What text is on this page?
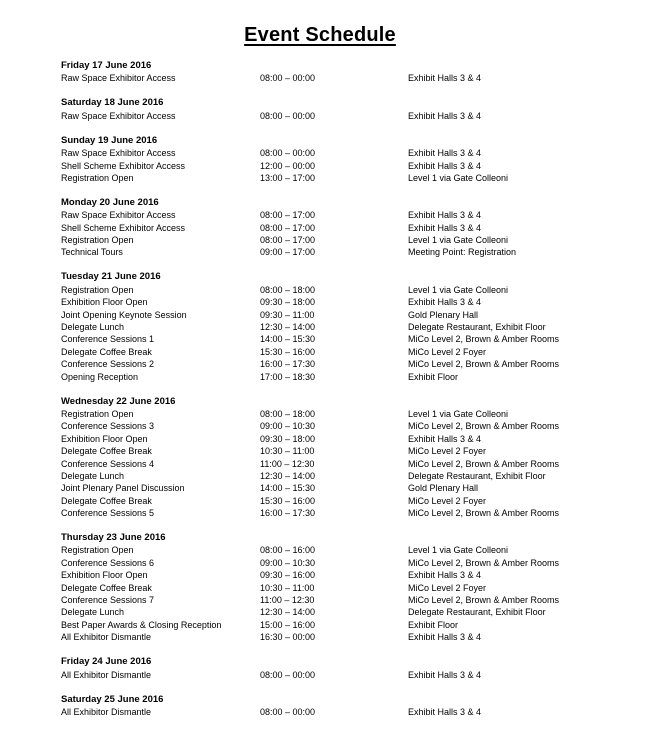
Event Schedule
Friday 17 June 2016
Raw Space Exhibitor Access	08:00 – 00:00	Exhibit Halls 3 & 4
Saturday 18 June 2016
Raw Space Exhibitor Access	08:00 – 00:00	Exhibit Halls 3 & 4
Sunday 19 June 2016
Raw Space Exhibitor Access	08:00 – 00:00	Exhibit Halls 3 & 4
Shell Scheme Exhibitor Access	12:00 – 00:00	Exhibit Halls 3 & 4
Registration Open	13:00 – 17:00	Level 1 via Gate Colleoni
Monday 20 June 2016
Raw Space Exhibitor Access	08:00 – 17:00	Exhibit Halls 3 & 4
Shell Scheme Exhibitor Access	08:00 – 17:00	Exhibit Halls 3 & 4
Registration Open	08:00 – 17:00	Level 1 via Gate Colleoni
Technical Tours	09:00 – 17:00	Meeting Point: Registration
Tuesday 21 June 2016
Registration Open	08:00 – 18:00	Level 1 via Gate Colleoni
Exhibition Floor Open	09:30 – 18:00	Exhibit Halls 3 & 4
Joint Opening Keynote Session	09:30 – 11:00	Gold Plenary Hall
Delegate Lunch	12:30 – 14:00	Delegate Restaurant, Exhibit Floor
Conference Sessions 1	14:00 – 15:30	MiCo Level 2, Brown & Amber Rooms
Delegate Coffee Break	15:30 – 16:00	MiCo Level 2 Foyer
Conference Sessions 2	16:00 – 17:30	MiCo Level 2, Brown & Amber Rooms
Opening Reception	17:00 – 18:30	Exhibit Floor
Wednesday 22 June 2016
Registration Open	08:00 – 18:00	Level 1 via Gate Colleoni
Conference Sessions 3	09:00 – 10:30	MiCo Level 2, Brown & Amber Rooms
Exhibition Floor Open	09:30 – 18:00	Exhibit Halls 3 & 4
Delegate Coffee Break	10:30 – 11:00	MiCo Level 2 Foyer
Conference Sessions 4	11:00 – 12:30	MiCo Level 2, Brown & Amber Rooms
Delegate Lunch	12:30 – 14:00	Delegate Restaurant, Exhibit Floor
Joint Plenary Panel Discussion	14:00 – 15:30	Gold Plenary Hall
Delegate Coffee Break	15:30 – 16:00	MiCo Level 2 Foyer
Conference Sessions 5	16:00 – 17:30	MiCo Level 2, Brown & Amber Rooms
Thursday 23 June 2016
Registration Open	08:00 – 16:00	Level 1 via Gate Colleoni
Conference Sessions 6	09:00 – 10:30	MiCo Level 2, Brown & Amber Rooms
Exhibition Floor Open	09:30 – 16:00	Exhibit Halls 3 & 4
Delegate Coffee Break	10:30 – 11:00	MiCo Level 2 Foyer
Conference Sessions 7	11:00 – 12:30	MiCo Level 2, Brown & Amber Rooms
Delegate Lunch	12:30 – 14:00	Delegate Restaurant, Exhibit Floor
Best Paper Awards & Closing Reception	15:00 – 16:00	Exhibit Floor
All Exhibitor Dismantle	16:30 – 00:00	Exhibit Halls 3 & 4
Friday 24 June 2016
All Exhibitor Dismantle	08:00 – 00:00	Exhibit Halls 3 & 4
Saturday 25 June 2016
All Exhibitor Dismantle	08:00 – 00:00	Exhibit Halls 3 & 4
